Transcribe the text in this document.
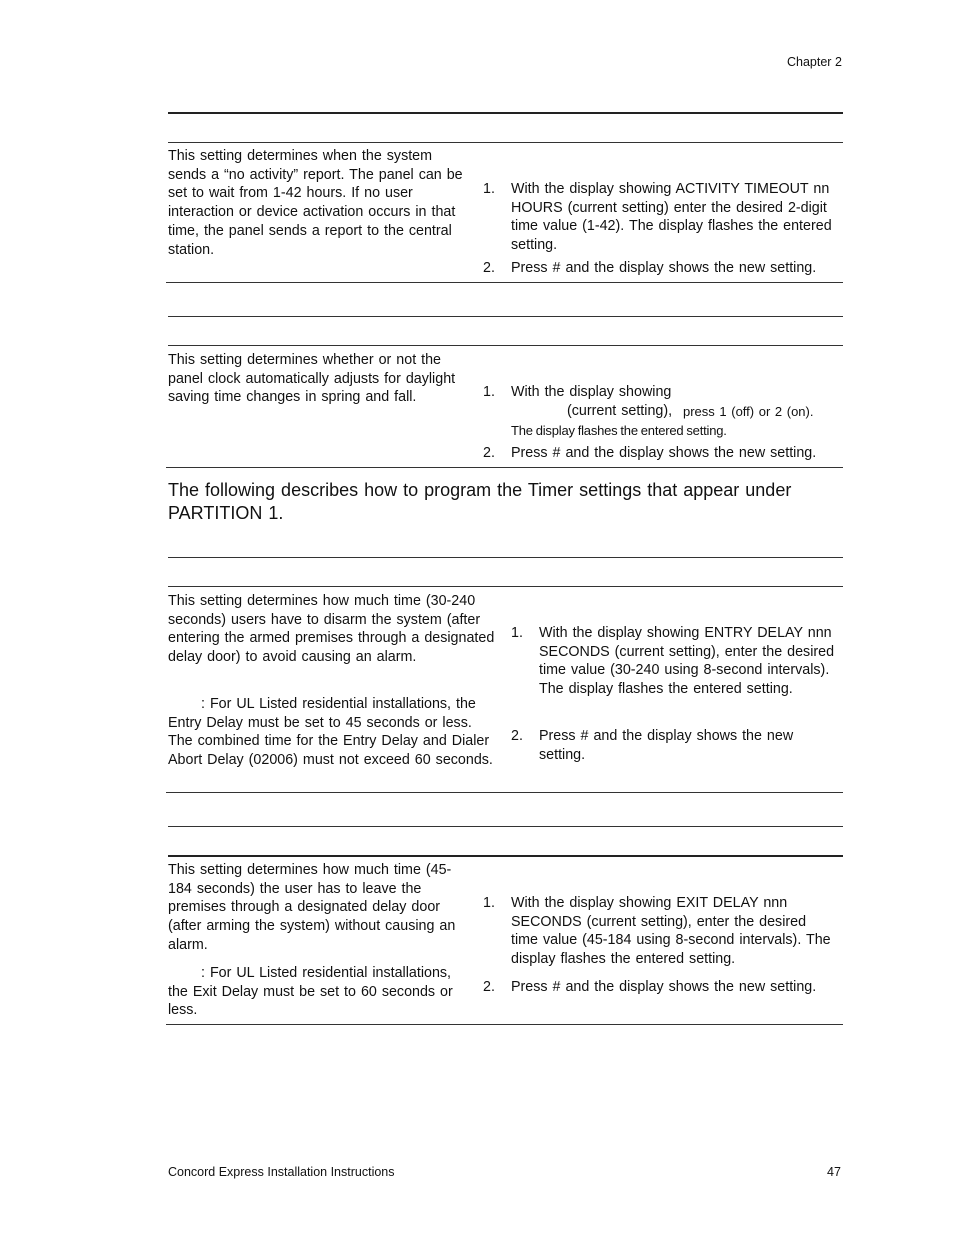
Chapter 2

This setting determines when the system sends a “no activity” report. The panel can be set to wait from 1-42 hours. If no user interaction or device activation occurs in that time, the panel sends a report to the central station.

1. With the display showing ACTIVITY TIMEOUT nn HOURS (current setting) enter the desired 2-digit time value (1-42). The display flashes the entered setting.
2. Press # and the display shows the new setting.

This setting determines whether or not the panel clock automatically adjusts for daylight saving time changes in spring and fall.	1. With the display showing
(current setting), press 1 (off) or 2 (on).
The display flashes the entered setting.
2. Press # and the display shows the new setting.

The following describes how to program the Timer settings that appear under PARTITION 1.

This setting determines how much time (30-240 seconds) users have to disarm the system (after entering the armed premises through a designated delay door) to avoid causing an alarm.

: For UL Listed residential installations, the Entry Delay must be set to 45 seconds or less. The combined time for the Entry Delay and Dialer Abort Delay (02006) must not exceed 60 seconds.

1. With the display showing ENTRY DELAY nnn SECONDS (current setting), enter the desired time value (30-240 using 8-second intervals). The display flashes the entered setting.
2. Press # and the display shows the new setting.

This setting determines how much time (45-184 seconds) the user has to leave the premises through a designated delay door (after arming the system) without causing an alarm.

: For UL Listed residential installations, the Exit Delay must be set to 60 seconds or less.

1. With the display showing EXIT DELAY nnn SECONDS (current setting), enter the desired time value (45-184 using 8-second intervals). The display flashes the entered setting.
2. Press # and the display shows the new setting.
Concord Express Installation Instructions	47
